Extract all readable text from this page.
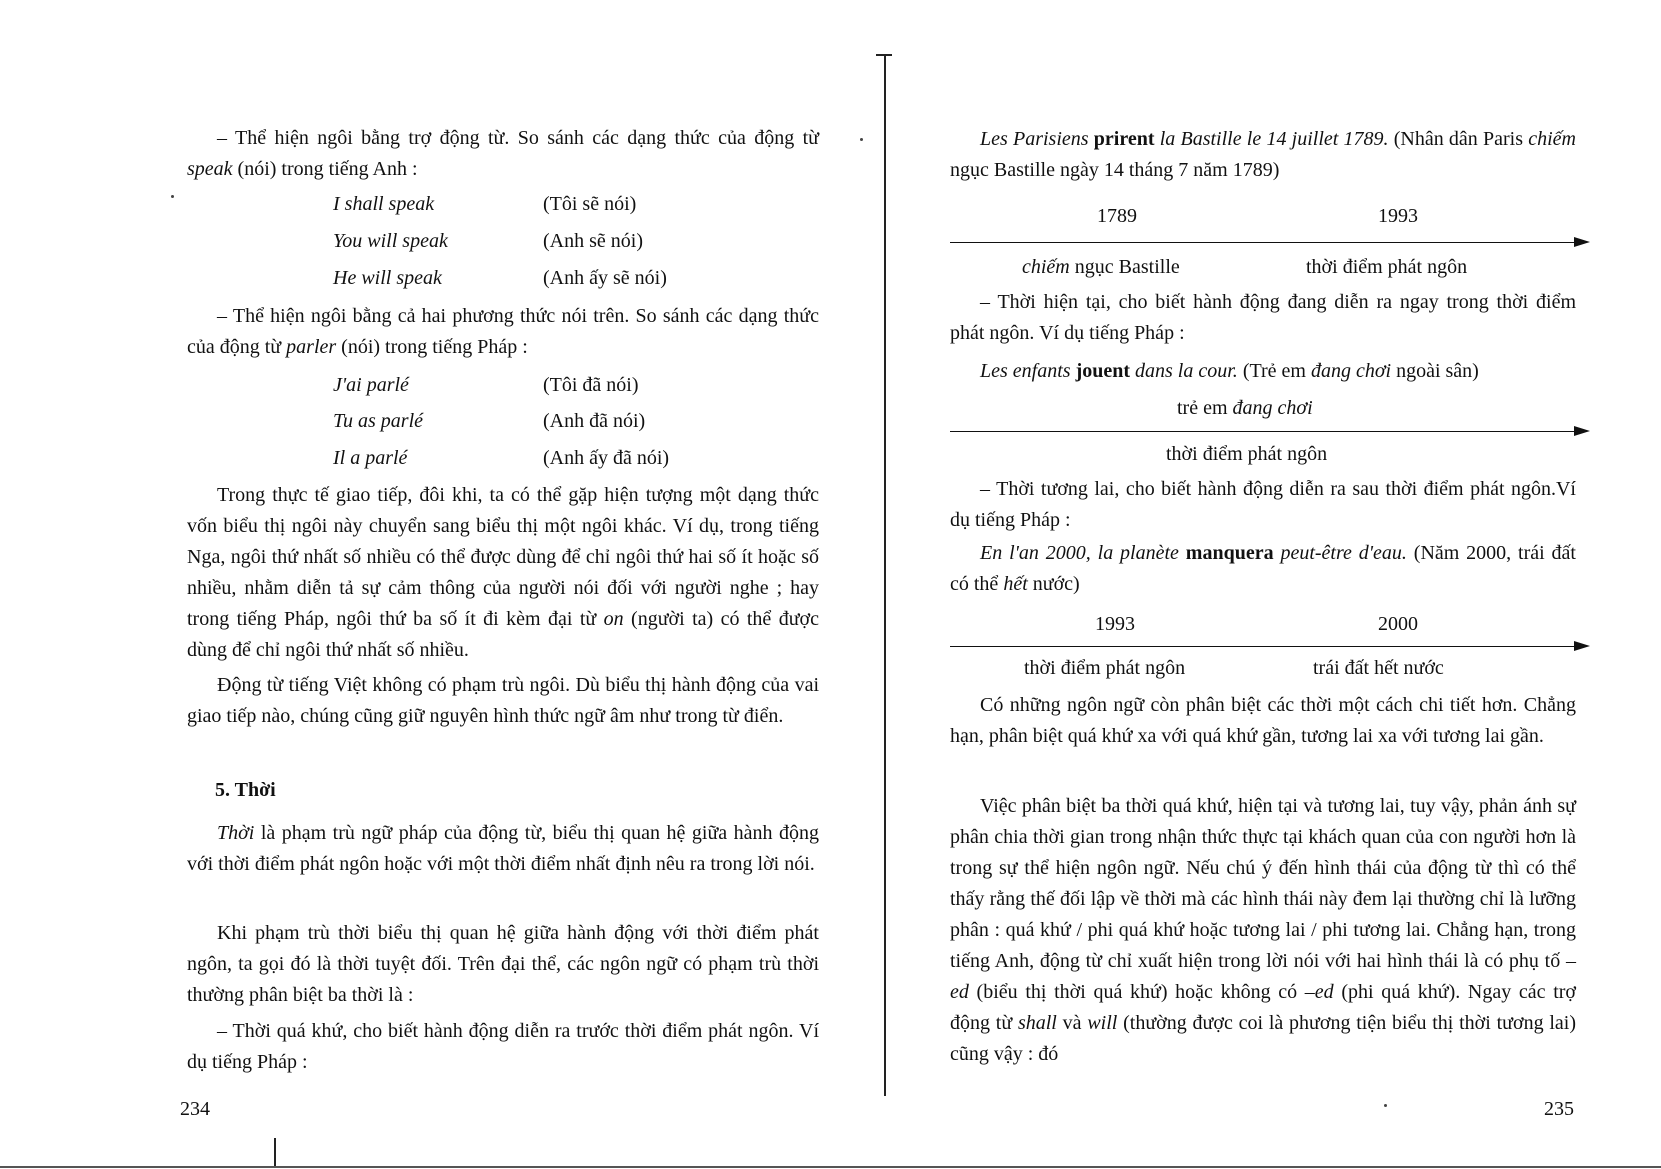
– Thể hiện ngôi bằng trợ động từ. So sánh các dạng thức của động từ speak (nói) trong tiếng Anh :

I shall speak	(Tôi sẽ nói)
You will speak	(Anh sẽ nói)
He will speak	(Anh ấy sẽ nói)

– Thể hiện ngôi bằng cả hai phương thức nói trên. So sánh các dạng thức của động từ parler (nói) trong tiếng Pháp :

J'ai parlé	(Tôi đã nói)
Tu as parlé	(Anh đã nói)
Il a parlé	(Anh ấy đã nói)

Trong thực tế giao tiếp, đôi khi, ta có thể gặp hiện tượng một dạng thức vốn biểu thị ngôi này chuyển sang biểu thị một ngôi khác. Ví dụ, trong tiếng Nga, ngôi thứ nhất số nhiều có thể được dùng để chỉ ngôi thứ hai số ít hoặc số nhiều, nhằm diễn tả sự cảm thông của người nói đối với người nghe ; hay trong tiếng Pháp, ngôi thứ ba số ít đi kèm đại từ on (người ta) có thể được dùng để chỉ ngôi thứ nhất số nhiều.

Động từ tiếng Việt không có phạm trù ngôi. Dù biểu thị hành động của vai giao tiếp nào, chúng cũng giữ nguyên hình thức ngữ âm như trong từ điển.

5. Thời

Thời là phạm trù ngữ pháp của động từ, biểu thị quan hệ giữa hành động với thời điểm phát ngôn hoặc với một thời điểm nhất định nêu ra trong lời nói.

Khi phạm trù thời biểu thị quan hệ giữa hành động với thời điểm phát ngôn, ta gọi đó là thời tuyệt đối. Trên đại thể, các ngôn ngữ có phạm trù thời thường phân biệt ba thời là :

– Thời quá khứ, cho biết hành động diễn ra trước thời điểm phát ngôn. Ví dụ tiếng Pháp :

234

Les Parisiens prirent la Bastille le 14 juillet 1789. (Nhân dân Paris chiếm ngục Bastille ngày 14 tháng 7 năm 1789)

1789	1993
chiếm ngục Bastille	thời điểm phát ngôn

– Thời hiện tại, cho biết hành động đang diễn ra ngay trong thời điểm phát ngôn. Ví dụ tiếng Pháp :

Les enfants jouent dans la cour. (Trẻ em đang chơi ngoài sân)

trẻ em đang chơi
thời điểm phát ngôn

– Thời tương lai, cho biết hành động diễn ra sau thời điểm phát ngôn.Ví dụ tiếng Pháp :

En l'an 2000, la planète manquera peut-être d'eau. (Năm 2000, trái đất có thể hết nước)

1993	2000
thời điểm phát ngôn	trái đất hết nước

Có những ngôn ngữ còn phân biệt các thời một cách chi tiết hơn. Chẳng hạn, phân biệt quá khứ xa với quá khứ gần, tương lai xa với tương lai gần.

Việc phân biệt ba thời quá khứ, hiện tại và tương lai, tuy vậy, phản ánh sự phân chia thời gian trong nhận thức thực tại khách quan của con người hơn là trong sự thể hiện ngôn ngữ. Nếu chú ý đến hình thái của động từ thì có thể thấy rằng thế đối lập về thời mà các hình thái này đem lại thường chỉ là lưỡng phân : quá khứ / phi quá khứ hoặc tương lai / phi tương lai. Chẳng hạn, trong tiếng Anh, động từ chỉ xuất hiện trong lời nói với hai hình thái là có phụ tố –ed (biểu thị thời quá khứ) hoặc không có –ed (phi quá khứ). Ngay các trợ động từ shall và will (thường được coi là phương tiện biểu thị thời tương lai) cũng vậy : đó

235
